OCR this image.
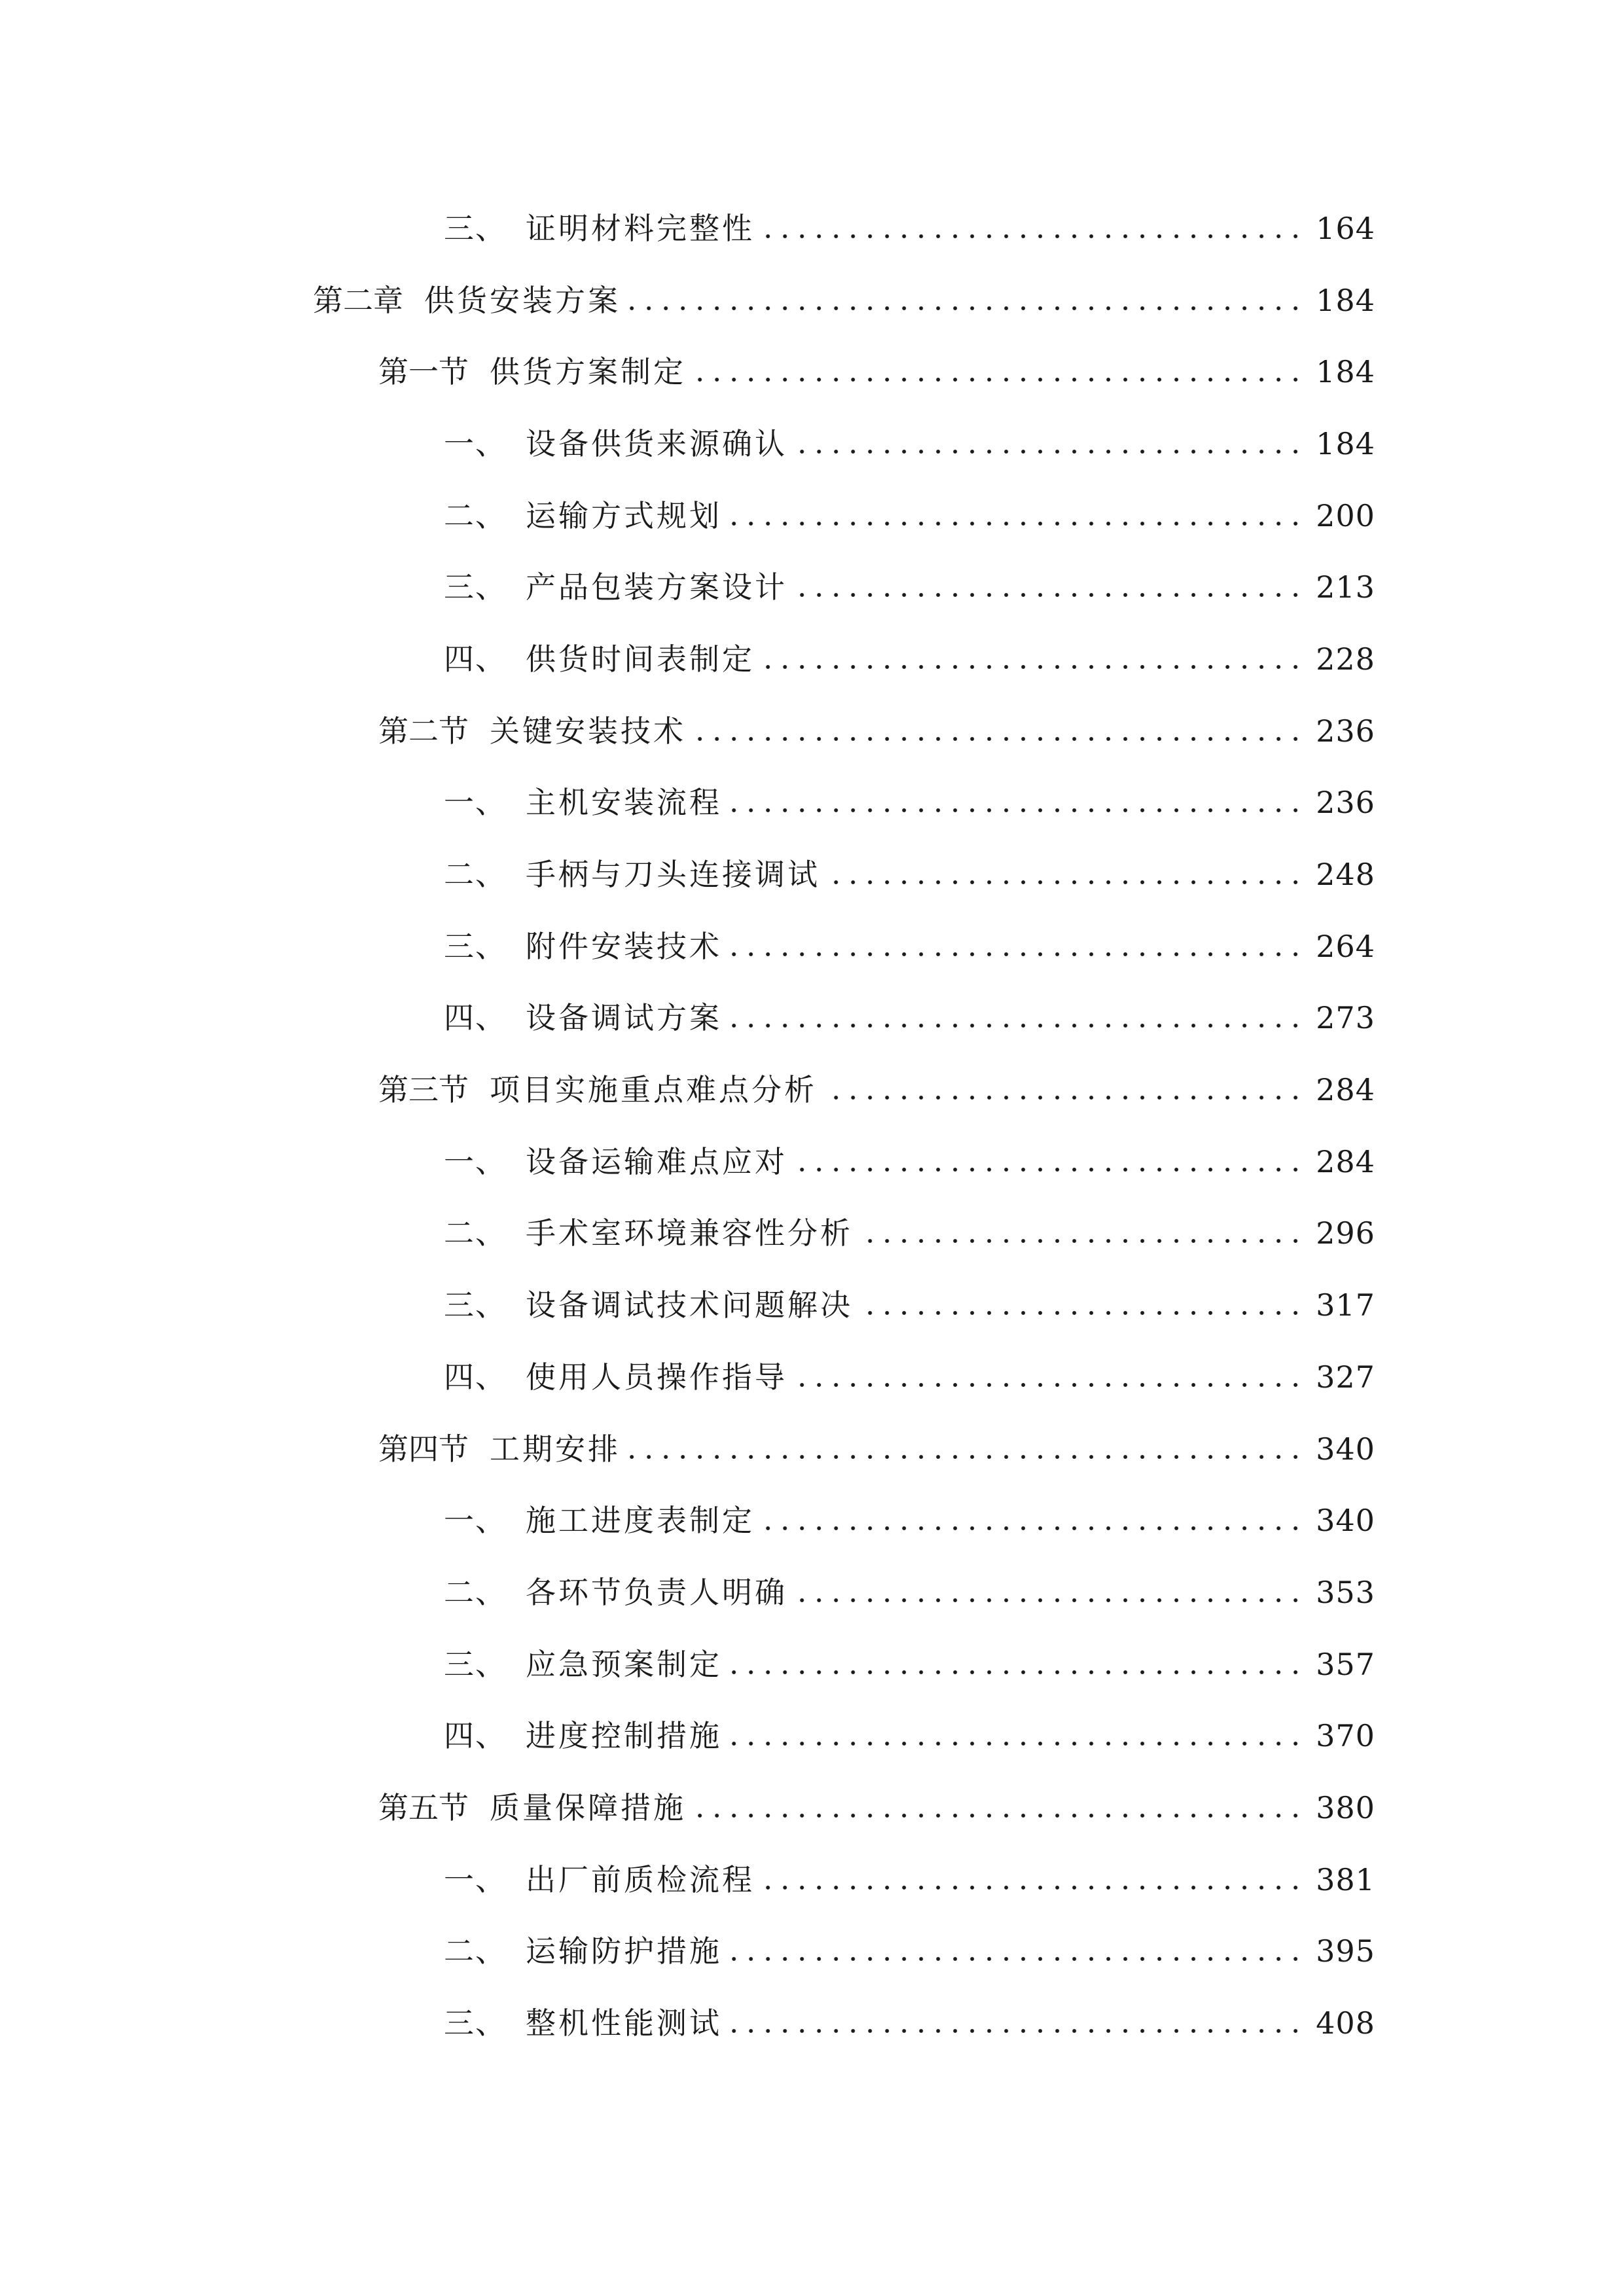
三、 证明材料完整性	164
第二章 供货安装方案	184
第一节 供货方案制定	184
一、 设备供货来源确认	184
二、 运输方式规划	200
三、 产品包装方案设计	213
四、 供货时间表制定	228
第二节 关键安装技术	236
一、 主机安装流程	236
二、 手柄与刀头连接调试	248
三、 附件安装技术	264
四、 设备调试方案	273
第三节 项目实施重点难点分析	284
一、 设备运输难点应对	284
二、 手术室环境兼容性分析	296
三、 设备调试技术问题解决	317
四、 使用人员操作指导	327
第四节 工期安排	340
一、 施工进度表制定	340
二、 各环节负责人明确	353
三、 应急预案制定	357
四、 进度控制措施	370
第五节 质量保障措施	380
一、 出厂前质检流程	381
二、 运输防护措施	395
三、 整机性能测试	408
